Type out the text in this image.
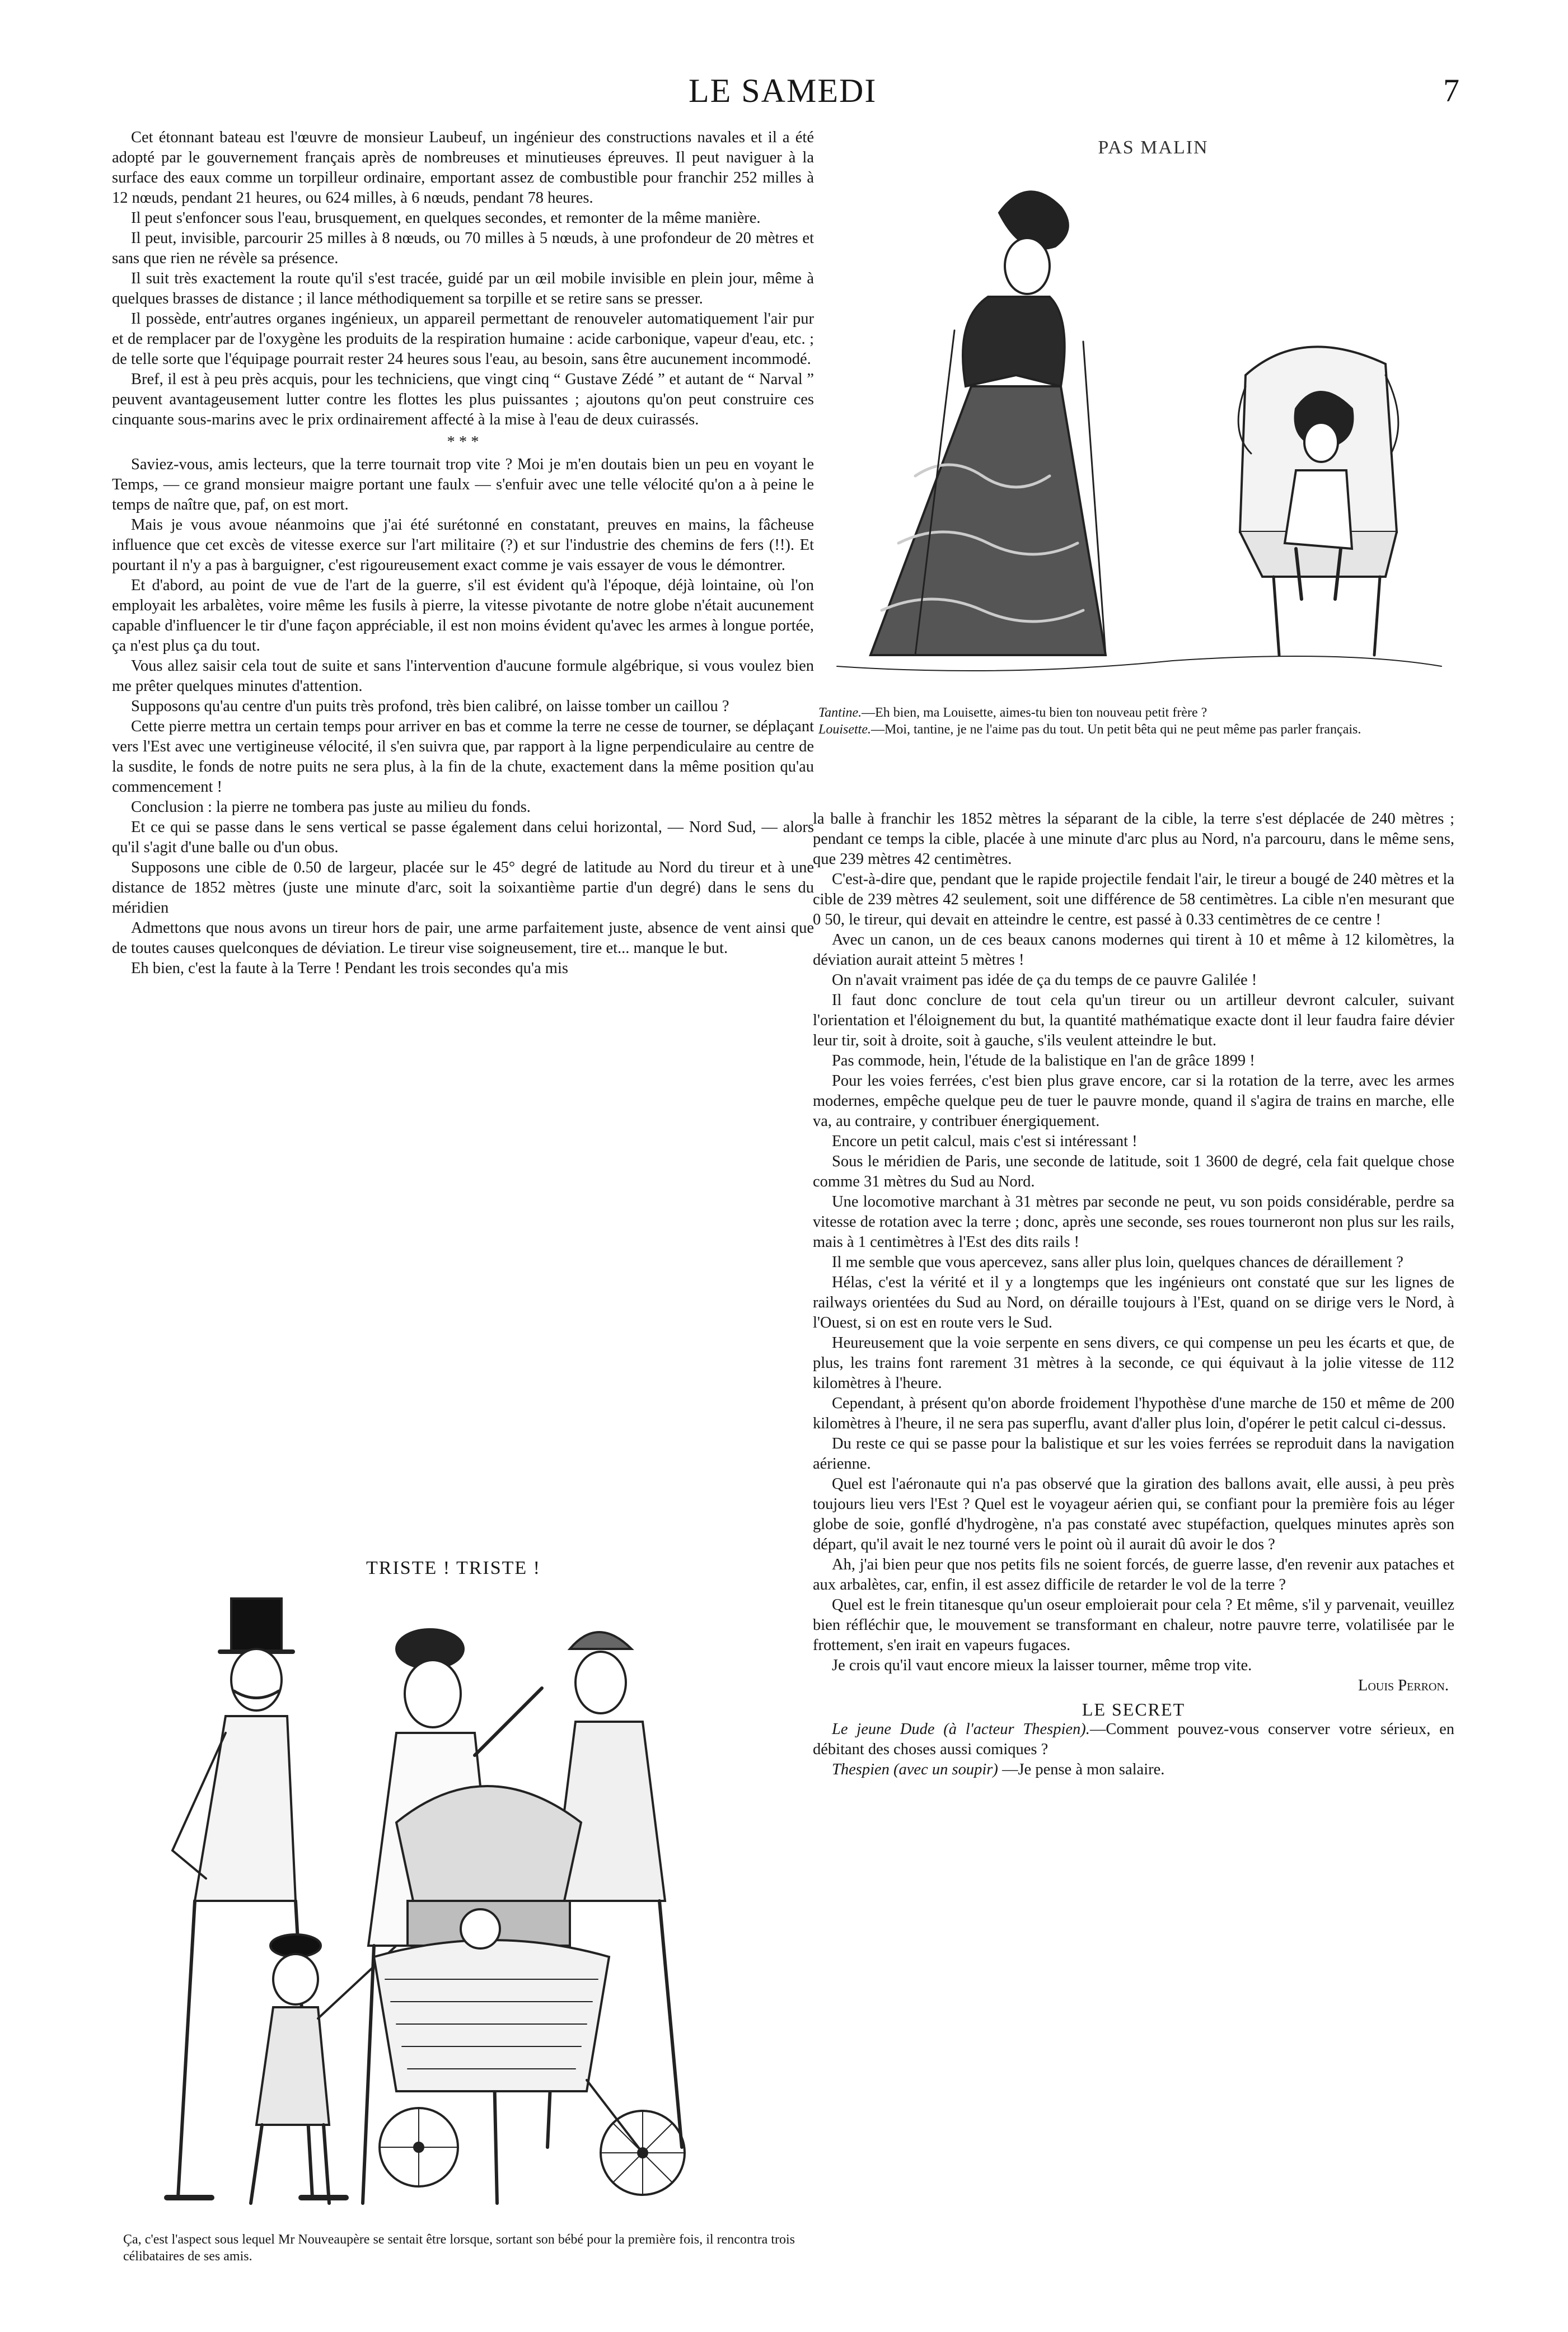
LE SAMEDI	7

Cet étonnant bateau est l'œuvre de monsieur Laubeuf, un ingénieur des constructions navales et il a été adopté par le gouvernement français après de nombreuses et minutieuses épreuves. Il peut naviguer à la surface des eaux comme un torpilleur ordinaire, emportant assez de combustible pour franchir 252 milles à 12 nœuds, pendant 21 heures, ou 624 milles, à 6 nœuds, pendant 78 heures.

Il peut s'enfoncer sous l'eau, brusquement, en quelques secondes, et remonter de la même manière.

Il peut, invisible, parcourir 25 milles à 8 nœuds, ou 70 milles à 5 nœuds, à une profondeur de 20 mètres et sans que rien ne révèle sa présence.

Il suit très exactement la route qu'il s'est tracée, guidé par un œil mobile invisible en plein jour, même à quelques brasses de distance ; il lance méthodiquement sa torpille et se retire sans se presser.

Il possède, entr'autres organes ingénieux, un appareil permettant de renouveler automatiquement l'air pur et de remplacer par de l'oxygène les produits de la respiration humaine : acide carbonique, vapeur d'eau, etc. ; de telle sorte que l'équipage pourrait rester 24 heures sous l'eau, au besoin, sans être aucunement incommodé.

Bref, il est à peu près acquis, pour les techniciens, que vingt cinq “ Gustave Zédé ” et autant de “ Narval ” peuvent avantageusement lutter contre les flottes les plus puissantes ; ajoutons qu'on peut construire ces cinquante sous-marins avec le prix ordinairement affecté à la mise à l'eau de deux cuirassés.

* * *

Saviez-vous, amis lecteurs, que la terre tournait trop vite ? Moi je m'en doutais bien un peu en voyant le Temps, — ce grand monsieur maigre portant une faulx — s'enfuir avec une telle vélocité qu'on a à peine le temps de naître que, paf, on est mort.

Mais je vous avoue néanmoins que j'ai été surétonné en constatant, preuves en mains, la fâcheuse influence que cet excès de vitesse exerce sur l'art militaire (?) et sur l'industrie des chemins de fers (!!). Et pourtant il n'y a pas à barguigner, c'est rigoureusement exact comme je vais essayer de vous le démontrer.

Et d'abord, au point de vue de l'art de la guerre, s'il est évident qu'à l'époque, déjà lointaine, où l'on employait les arbalètes, voire même les fusils à pierre, la vitesse pivotante de notre globe n'était aucunement capable d'influencer le tir d'une façon appréciable, il est non moins évident qu'avec les armes à longue portée, ça n'est plus ça du tout.

Vous allez saisir cela tout de suite et sans l'intervention d'aucune formule algébrique, si vous voulez bien me prêter quelques minutes d'attention.

Supposons qu'au centre d'un puits très profond, très bien calibré, on laisse tomber un caillou ?

Cette pierre mettra un certain temps pour arriver en bas et comme la terre ne cesse de tourner, se déplaçant vers l'Est avec une vertigineuse vélocité, il s'en suivra que, par rapport à la ligne perpendiculaire au centre de la susdite, le fonds de notre puits ne sera plus, à la fin de la chute, exactement dans la même position qu'au commencement !

Conclusion : la pierre ne tombera pas juste au milieu du fonds.

Et ce qui se passe dans le sens vertical se passe également dans celui horizontal, — Nord Sud, — alors qu'il s'agit d'une balle ou d'un obus.

Supposons une cible de 0.50 de largeur, placée sur le 45° degré de latitude au Nord du tireur et à une distance de 1852 mètres (juste une minute d'arc, soit la soixantième partie d'un degré) dans le sens du méridien

Admettons que nous avons un tireur hors de pair, une arme parfaitement juste, absence de vent ainsi que de toutes causes quelconques de déviation. Le tireur vise soigneusement, tire et... manque le but.

Eh bien, c'est la faute à la Terre ! Pendant les trois secondes qu'a mis

TRISTE ! TRISTE !
Ça, c'est l'aspect sous lequel Mr Nouveaupère se sentait être lorsque, sortant son bébé pour la première fois, il rencontra trois célibataires de ses amis.
PAS MALIN
Tantine.—Eh bien, ma Louisette, aimes-tu bien ton nouveau petit frère ?
Louisette.—Moi, tantine, je ne l'aime pas du tout. Un petit bêta qui ne peut même pas parler français.

la balle à franchir les 1852 mètres la séparant de la cible, la terre s'est déplacée de 240 mètres ; pendant ce temps la cible, placée à une minute d'arc plus au Nord, n'a parcouru, dans le même sens, que 239 mètres 42 centimètres.

C'est-à-dire que, pendant que le rapide projectile fendait l'air, le tireur a bougé de 240 mètres et la cible de 239 mètres 42 seulement, soit une différence de 58 centimètres. La cible n'en mesurant que 0 50, le tireur, qui devait en atteindre le centre, est passé à 0.33 centimètres de ce centre !

Avec un canon, un de ces beaux canons modernes qui tirent à 10 et même à 12 kilomètres, la déviation aurait atteint 5 mètres !

On n'avait vraiment pas idée de ça du temps de ce pauvre Galilée !

Il faut donc conclure de tout cela qu'un tireur ou un artilleur devront calculer, suivant l'orientation et l'éloignement du but, la quantité mathématique exacte dont il leur faudra faire dévier leur tir, soit à droite, soit à gauche, s'ils veulent atteindre le but.

Pas commode, hein, l'étude de la balistique en l'an de grâce 1899 !

Pour les voies ferrées, c'est bien plus grave encore, car si la rotation de la terre, avec les armes modernes, empêche quelque peu de tuer le pauvre monde, quand il s'agira de trains en marche, elle va, au contraire, y contribuer énergiquement.

Encore un petit calcul, mais c'est si intéressant !

Sous le méridien de Paris, une seconde de latitude, soit 1 3600 de degré, cela fait quelque chose comme 31 mètres du Sud au Nord.

Une locomotive marchant à 31 mètres par seconde ne peut, vu son poids considérable, perdre sa vitesse de rotation avec la terre ; donc, après une seconde, ses roues tourneront non plus sur les rails, mais à 1 centimètres à l'Est des dits rails !

Il me semble que vous apercevez, sans aller plus loin, quelques chances de déraillement ?

Hélas, c'est la vérité et il y a longtemps que les ingénieurs ont constaté que sur les lignes de railways orientées du Sud au Nord, on déraille toujours à l'Est, quand on se dirige vers le Nord, à l'Ouest, si on est en route vers le Sud.

Heureusement que la voie serpente en sens divers, ce qui compense un peu les écarts et que, de plus, les trains font rarement 31 mètres à la seconde, ce qui équivaut à la jolie vitesse de 112 kilomètres à l'heure.

Cependant, à présent qu'on aborde froidement l'hypothèse d'une marche de 150 et même de 200 kilomètres à l'heure, il ne sera pas superflu, avant d'aller plus loin, d'opérer le petit calcul ci-dessus.

Du reste ce qui se passe pour la balistique et sur les voies ferrées se reproduit dans la navigation aérienne.

Quel est l'aéronaute qui n'a pas observé que la giration des ballons avait, elle aussi, à peu près toujours lieu vers l'Est ? Quel est le voyageur aérien qui, se confiant pour la première fois au léger globe de soie, gonflé d'hydrogène, n'a pas constaté avec stupéfaction, quelques minutes après son départ, qu'il avait le nez tourné vers le point où il aurait dû avoir le dos ?

Ah, j'ai bien peur que nos petits fils ne soient forcés, de guerre lasse, d'en revenir aux pataches et aux arbalètes, car, enfin, il est assez difficile de retarder le vol de la terre ?

Quel est le frein titanesque qu'un oseur emploierait pour cela ? Et même, s'il y parvenait, veuillez bien réfléchir que, le mouvement se transformant en chaleur, notre pauvre terre, volatilisée par le frottement, s'en irait en vapeurs fugaces.

Je crois qu'il vaut encore mieux la laisser tourner, même trop vite.

Louis Perron.
LE SECRET

Le jeune Dude (à l'acteur Thespien).—Comment pouvez-vous conserver votre sérieux, en débitant des choses aussi comiques ?

Thespien (avec un soupir) —Je pense à mon salaire.
